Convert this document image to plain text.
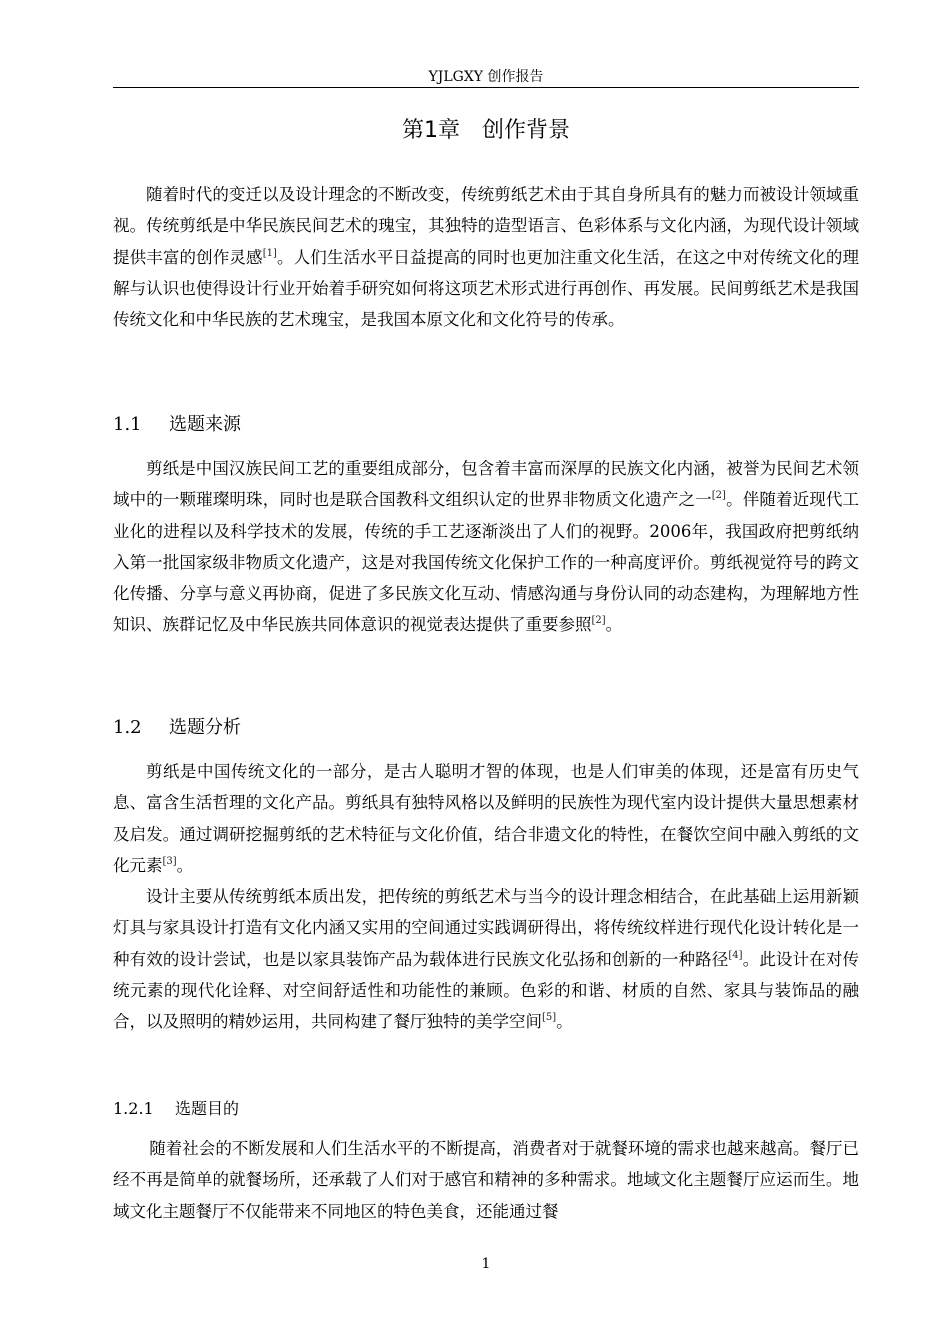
YJLGXY 创作报告
第1章　创作背景

随着时代的变迁以及设计理念的不断改变，传统剪纸艺术由于其自身所具有的魅力而被设计领域重视。传统剪纸是中华民族民间艺术的瑰宝，其独特的造型语言、色彩体系与文化内涵，为现代设计领域提供丰富的创作灵感[1]。人们生活水平日益提高的同时也更加注重文化生活，在这之中对传统文化的理解与认识也使得设计行业开始着手研究如何将这项艺术形式进行再创作、再发展。民间剪纸艺术是我国传统文化和中华民族的艺术瑰宝，是我国本原文化和文化符号的传承。

1.1 选题来源

剪纸是中国汉族民间工艺的重要组成部分，包含着丰富而深厚的民族文化内涵，被誉为民间艺术领域中的一颗璀璨明珠，同时也是联合国教科文组织认定的世界非物质文化遗产之一[2]。伴随着近现代工业化的进程以及科学技术的发展，传统的手工艺逐渐淡出了人们的视野。2006年，我国政府把剪纸纳入第一批国家级非物质文化遗产，这是对我国传统文化保护工作的一种高度评价。剪纸视觉符号的跨文化传播、分享与意义再协商，促进了多民族文化互动、情感沟通与身份认同的动态建构，为理解地方性知识、族群记忆及中华民族共同体意识的视觉表达提供了重要参照[2]。

1.2 选题分析

剪纸是中国传统文化的一部分，是古人聪明才智的体现，也是人们审美的体现，还是富有历史气息、富含生活哲理的文化产品。剪纸具有独特风格以及鲜明的民族性为现代室内设计提供大量思想素材及启发。通过调研挖掘剪纸的艺术特征与文化价值，结合非遗文化的特性，在餐饮空间中融入剪纸的文化元素[3]。

设计主要从传统剪纸本质出发，把传统的剪纸艺术与当今的设计理念相结合，在此基础上运用新颖灯具与家具设计打造有文化内涵又实用的空间通过实践调研得出，将传统纹样进行现代化设计转化是一种有效的设计尝试，也是以家具装饰产品为载体进行民族文化弘扬和创新的一种路径[4]。此设计在对传统元素的现代化诠释、对空间舒适性和功能性的兼顾。色彩的和谐、材质的自然、家具与装饰品的融合，以及照明的精妙运用，共同构建了餐厅独特的美学空间[5]。

1.2.1 选题目的

随着社会的不断发展和人们生活水平的不断提高，消费者对于就餐环境的需求也越来越高。餐厅已经不再是简单的就餐场所，还承载了人们对于感官和精神的多种需求。地域文化主题餐厅应运而生。地域文化主题餐厅不仅能带来不同地区的特色美食，还能通过餐

1
